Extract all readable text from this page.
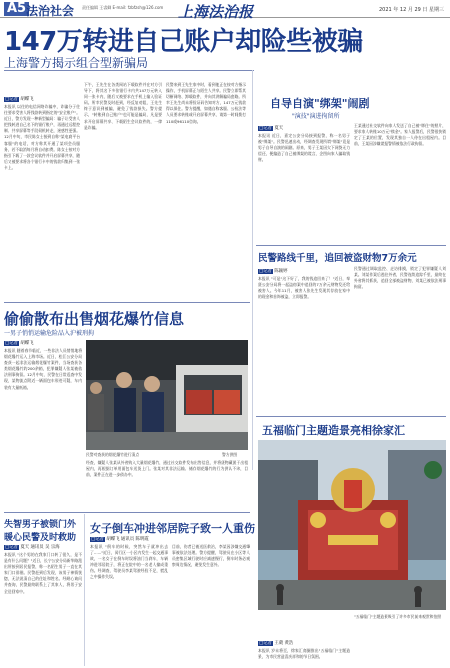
A5 法治社会 责任编辑 王睿卿 E-mail: fzbfzsh@126.com 上海法治报	2021 年 12 月 29 日 星期三
147万转进自己账户却险些被骗
上海警方揭示组合型新骗局
□记者 胡蝶飞
本报讯 以往的电信网络诈骗中，诈骗分子往往要求受害人将钱款转到指定的"安全账户"。近日，警方发现一种新型骗局：骗子让受害人把钱转进自己名下的银行账户，再通过远程控制、共享屏幕等手段伺机转走，迷惑性更强。12月中旬，市民陈女士接到自称"某电商平台客服"的电话，对方称其开通了某项会员服务，若不取消每月将自动扣费。陈女士按对方指引下载了一款会议软件并开启屏幕共享，随后又被要求将各个银行卡中的钱款归集到一张卡上。
下午，王先生在各类网站下载软件并在对方引导下，将其名下多张银行卡内共147万元转入同一张卡内，随后又被要求在手机上输入验证码。所幸民警及时赶到，经反复劝阻，王先生终于意识到被骗，避免了钱款损失。警方提示，"转账到自己账户"也可能是骗局，凡是要求开启屏幕共享、下载陌生会议软件的，一律是诈骗。
民警来到王先生家中时，看到他正在按对方指示操作，手机屏幕正与陌生人共享。民警立即帮其切断网络、卸载软件，并向其讲解骗局套路。所幸王先生尚未将验证码告知对方，147万元钱款得以保住。警方提醒，如遇自称客服、公检法等人员要求转账或开启屏幕共享，请第一时间拨打110或96110咨询。
自导自演"绑架"闹剧
"演技"演进拘留所
□记者 夏天
本报讯 近日，嘉定公安分局接到报警，称一名男子被"绑架"。民警迅速出动，经调查发现所谓"绑架"竟是男子自导自演的闹剧。原来，男子王某因欠下网贷无力偿还，便编造了自己被绑架的谎言，企图向家人骗取钱财。
王某通过社交软件向家人发送了自己被"绑住"的照片，要求家人转账10万元"赎金"。家人报警后，民警很快锁定了王某的位置，发现其独自一人待在出租屋内。目前，王某因涉嫌谎报警情被依法行政拘留。
民警路线千里，追回被盗财物7万余元
□记者 陈颖婷
本报讯 "可是"这下好了，我的钱追回来了！"近日，奉贤公安分局将一起盗窃案中追回的7万余元财物发还给被害人。今年11月，被害人张先生发现其存放在家中的现金和首饰被盗，立即报警。
民警通过调取监控、走访排摸，锁定了犯罪嫌疑人刘某。刘某作案后逃往外省，民警连续追踪千里，最终在外省将其抓获，追回全部被盗财物，刘某已被依法刑事拘留。
五福临门主题造景亮相徐家汇
"五福临门"主题造景吸引了许多市民前来观赏和拍照
□记者 王葳 黄浩
本报讯 岁末将至，徐家汇商圈推出"五福临门"主题造景，为市民营造喜庆祥和的节日氛围。
偷偷散布出售烟花爆竹信息
一男子悄悄运输危险品入沪被刑拘
□记者 胡蝶飞
本报讯 随着春节临近，一些非法人员悄悄地将烟花爆竹运入上海市场。近日，松江公安分局查获一起非法运输烟花爆竹案件，当场查获各类烟花爆竹约200余箱，犯罪嫌疑人张某被依法刑事拘留。12月中旬，民警在日常巡查中发现，某物流点附近一辆面包车形迹可疑，车内装有大量纸箱。
民警对查获的烟花爆竹进行清点	警方供图
经查，嫌疑人张某从外省购入大量烟花爆竹，通过社交软件发布出售信息，并将货物藏匿于出租屋内，再根据订单用面包车送货上门。张某对其非法运输、储存烟花爆竹的行为供认不讳，目前，案件正在进一步侦办中。
失智男子被锁门外
暖心民警及时救助
□记者 夏天 通讯员 吴 宗海
本报讯 "这个男的在我家门口转了很久，是不是有什么问题？"近日，长宁公安分局新华路派出所接到居民报警，称一名陌生男子一直在其家门口徘徊。民警赶到后发现，该男子神情恍惚，无法说清自己的住址和姓名。经耐心询问并查询，民警最终联系上了其家人，将男子安全送回家中。
女子倒车冲进邻居院子致一人重伤
□记者 胡蝶飞 通讯员 陈明霞
本报讯 "倒车的时候，突然车子就冲出去了……"近日，闵行区一小区内发生一起交通事故，一名女子在倒车时误将油门当刹车，车辆冲进邻居院子，将正在院中的一名老人撞成重伤。经调查，驾驶员李某驾驶经验不足，慌乱之中操作失误。
目前，伤者已被送医救治，李某因涉嫌交通肇事被依法处理。警方提醒，驾驶员在小区等人员密集区域行驶时应减速慢行，倒车时务必观察周边情况，避免发生意外。
